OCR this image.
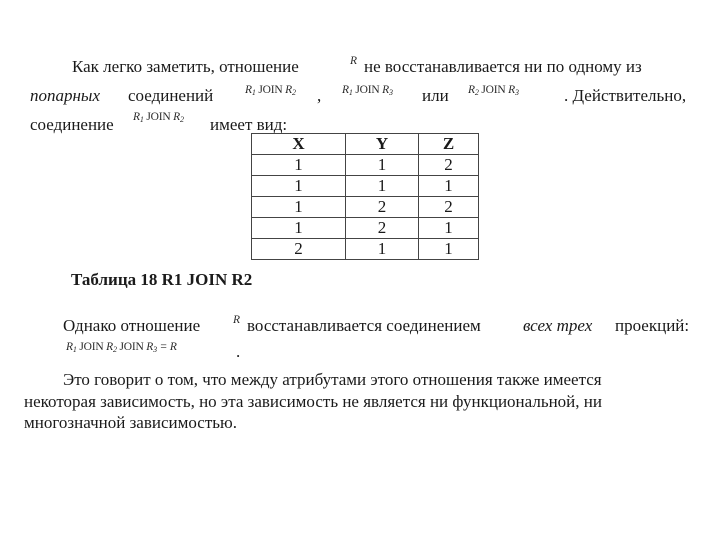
Как легко заметить, отношение	R не восстанавливается ни по одному из
попарных соединений	$R_1$ JOIN $R_2$ , $R_1$ JOIN $R_3$ или $R_2$ JOIN $R_3$	. Действительно,
соединение $R_1$ JOIN $R_2$ имеет вид:
X	Y	Z
1	1	2
1	1	1
1	2	2
1	2	1
2	1	1
Таблица 18 R1 JOIN R2
Однако отношение	R восстанавливается соединением всех трех проекций:
$R_1$ JOIN $R_2$ JOIN $R_3 = R$	.
Это говорит о том, что между атрибутами этого отношения также имеется
некоторая зависимость, но эта зависимость не является ни функциональной, ни
многозначной зависимостью.
